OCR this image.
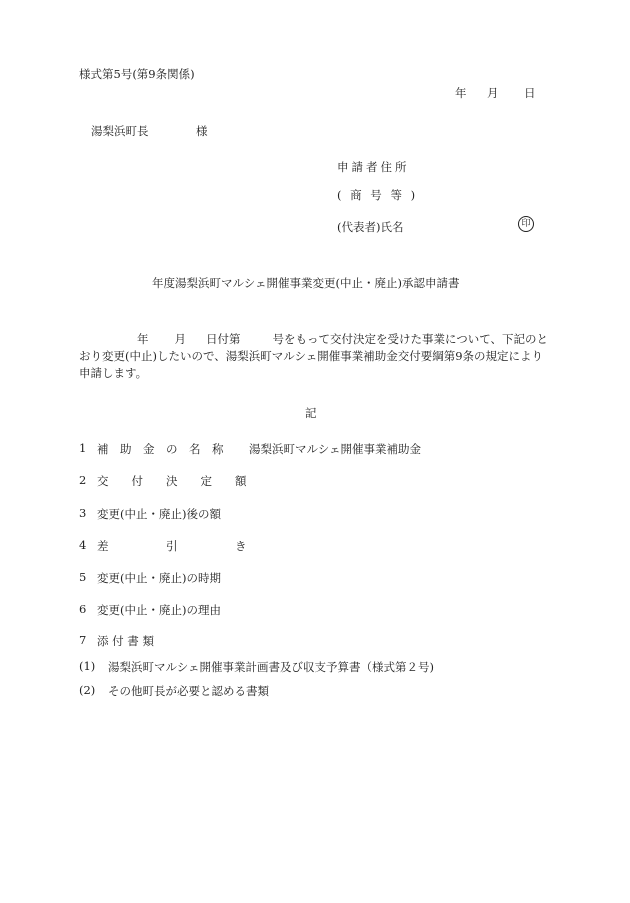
様式第5号(第9条関係)
年 月 日
湯梨浜町長	様
申請者住所
( 商 号 等 )
(代表者)氏名	印
年度湯梨浜町マルシェ開催事業変更(中止・廃止)承認申請書
年 月 日付第	号をもって交付決定を受けた事業について、下記のとおり変更(中止)したいので、湯梨浜町マルシェ開催事業補助金交付要綱第9条の規定により申請します。
記
1 補　助　金　の　名　称 湯梨浜町マルシェ開催事業補助金
2 交　　付　　決　　定　　額
3 変更(中止・廃止)後の額
4 差　　　　　引　　　　　き
5 変更(中止・廃止)の時期
6 変更(中止・廃止)の理由
7 添 付 書 類
(1) 湯梨浜町マルシェ開催事業計画書及び収支予算書（様式第２号)
(2) その他町長が必要と認める書類
